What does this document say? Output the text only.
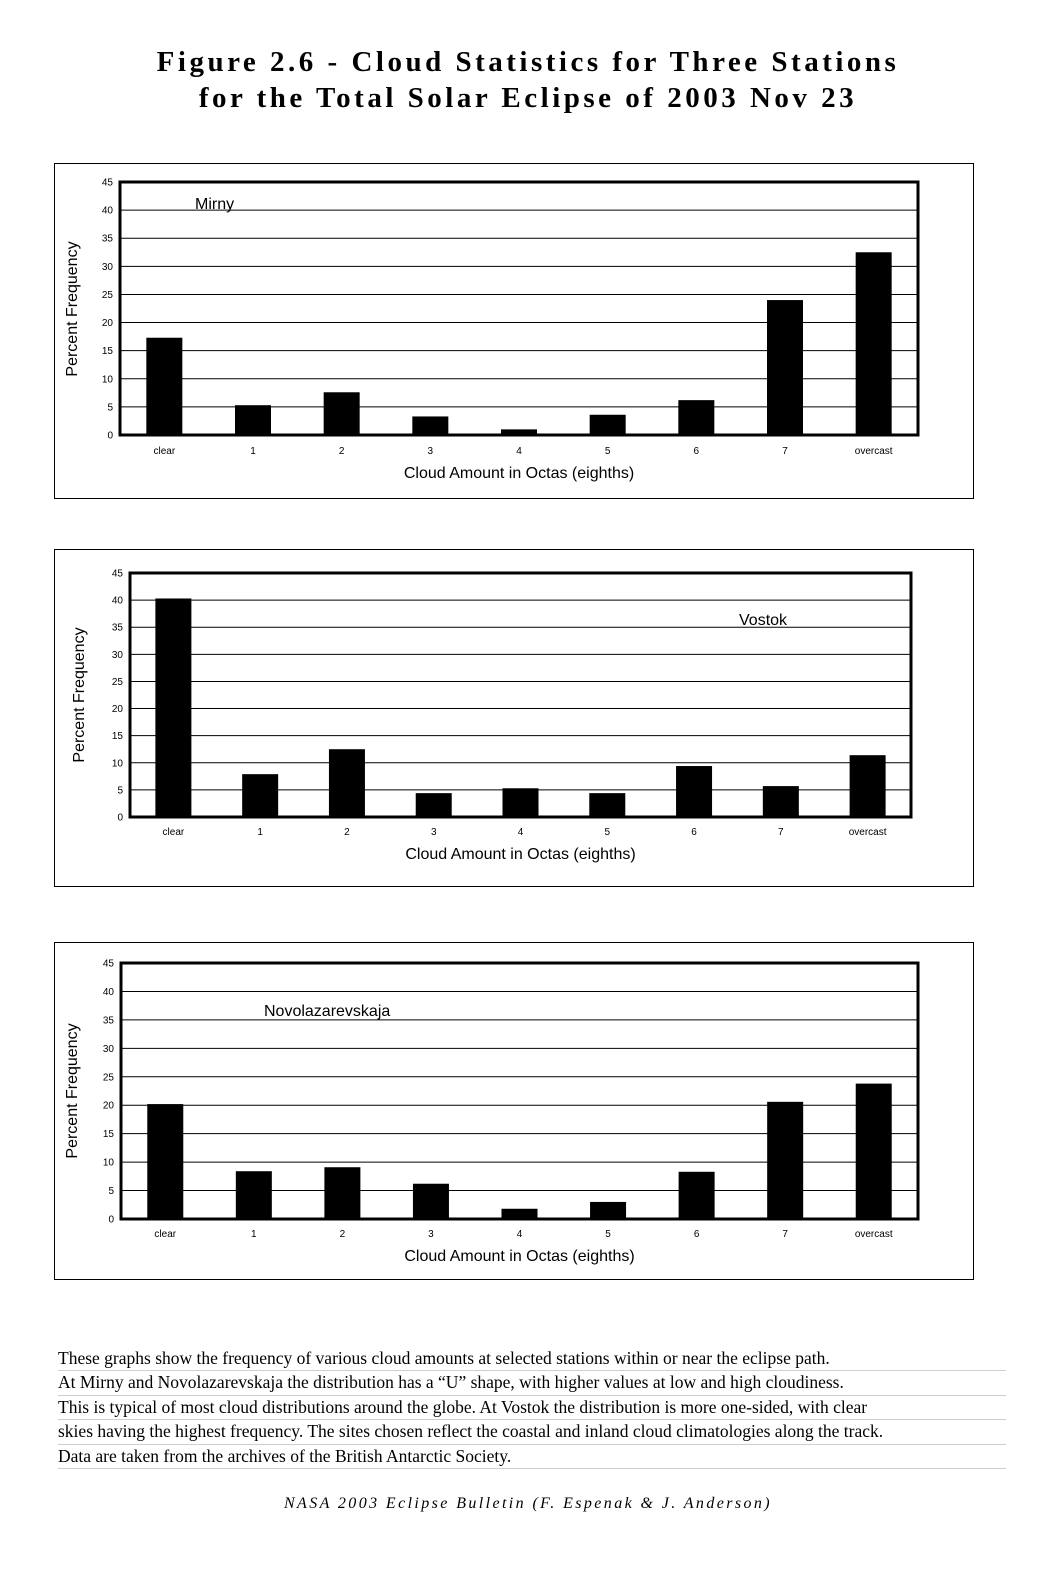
Figure 2.6 - Cloud Statistics for Three Stations
for the Total Solar Eclipse of 2003 Nov 23
0
5
10
15
20
25
30
35
40
45
clear	1	2	3	4	5	6	7	overcast
Cloud Amount in Octas (eighths)
Percent Frequency
Mirny
0
5
10
15
20
25
30
35
40
45
clear	1	2	3	4	5	6	7	overcast
Cloud Amount in Octas (eighths)
Percent Frequency
Vostok
0
5
10
15
20
25
30
35
40
45
clear	1	2	3	4	5	6	7	overcast
Cloud Amount in Octas (eighths)
Percent Frequency
Novolazarevskaja
These graphs show the frequency of various cloud amounts at selected stations within or near the eclipse path.
At Mirny and Novolazarevskaja the distribution has a “U” shape, with higher values at low and high cloudiness.
This is typical of most cloud distributions around the globe. At Vostok the distribution is more one-sided, with clear
skies having the highest frequency. The sites chosen reflect the coastal and inland cloud climatologies along the track.
Data are taken from the archives of the British Antarctic Society.
NASA 2003 Eclipse Bulletin (F. Espenak & J. Anderson)
